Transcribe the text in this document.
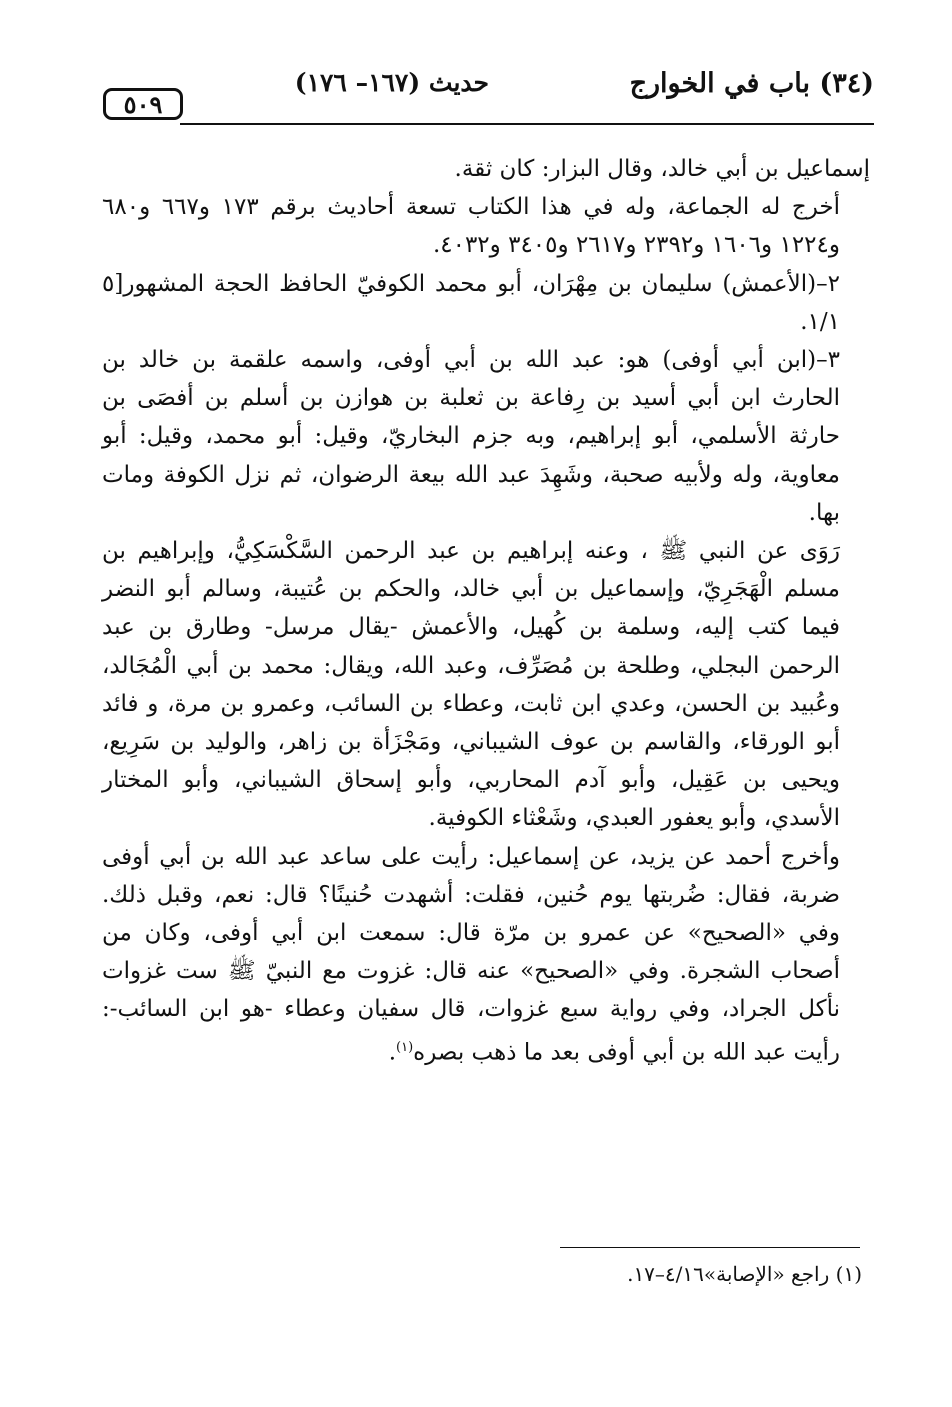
(٣٤) باب في الخوارج
حديث (١٦٧– ١٧٦)
٥٠٩

إسماعيل بن أبي خالد، وقال البزار: كان ثقة.

أخرج له الجماعة، وله في هذا الكتاب تسعة أحاديث برقم ١٧٣ و٦٦٧ و٦٨٠ و١٢٢٤ و١٦٠٦ و٢٣٩٢ و٢٦١٧ و٣٤٠٥ و٤٠٣٢.

٢–(الأعمش) سليمان بن مِهْرَان، أبو محمد الكوفيّ الحافظ الحجة المشهور[٥ ١/١.

٣–(ابن أبي أوفى) هو: عبد الله بن أبي أوفى، واسمه علقمة بن خالد بن الحارث ابن أبي أسيد بن رِفاعة بن ثعلبة بن هوازن بن أسلم بن أفصَى بن حارثة الأسلمي، أبو إبراهيم، وبه جزم البخاريّ، وقيل: أبو محمد، وقيل: أبو معاوية، وله ولأبيه صحبة، وشَهِدَ عبد الله بيعة الرضوان، ثم نزل الكوفة ومات بها.

رَوَى عن النبي ﷺ ، وعنه إبراهيم بن عبد الرحمن السَّكْسَكِيُّ، وإبراهيم بن مسلم الْهَجَرِيّ، وإسماعيل بن أبي خالد، والحكم بن عُتيبة، وسالم أبو النضر فيما كتب إليه، وسلمة بن كُهيل، والأعمش -يقال مرسل- وطارق بن عبد الرحمن البجلي، وطلحة بن مُصَرِّف، وعبد الله، ويقال: محمد بن أبي الْمُجَالد، وعُبيد بن الحسن، وعدي ابن ثابت، وعطاء بن السائب، وعمرو بن مرة، و فائد أبو الورقاء، والقاسم بن عوف الشيباني، ومَجْزَأة بن زاهر، والوليد بن سَرِيع، ويحيى بن عَقِيل، وأبو آدم المحاربي، وأبو إسحاق الشيباني، وأبو المختار الأسدي، وأبو يعفور العبدي، وشَعْثاء الكوفية.

وأخرج أحمد عن يزيد، عن إسماعيل: رأيت على ساعد عبد الله بن أبي أوفى ضربة، فقال: ضُربتها يوم حُنين، فقلت: أشهدت حُنينًا؟ قال: نعم، وقبل ذلك. وفي «الصحيح» عن عمرو بن مرّة قال: سمعت ابن أبي أوفى، وكان من أصحاب الشجرة. وفي «الصحيح» عنه قال: غزوت مع النبيّ ﷺ ست غزوات نأكل الجراد، وفي رواية سبع غزوات، قال سفيان وعطاء -هو ابن السائب-: رأيت عبد الله بن أبي أوفى بعد ما ذهب بصره$^{(١)}$.

(١) راجع «الإصابة»٤/١٦–١٧.
